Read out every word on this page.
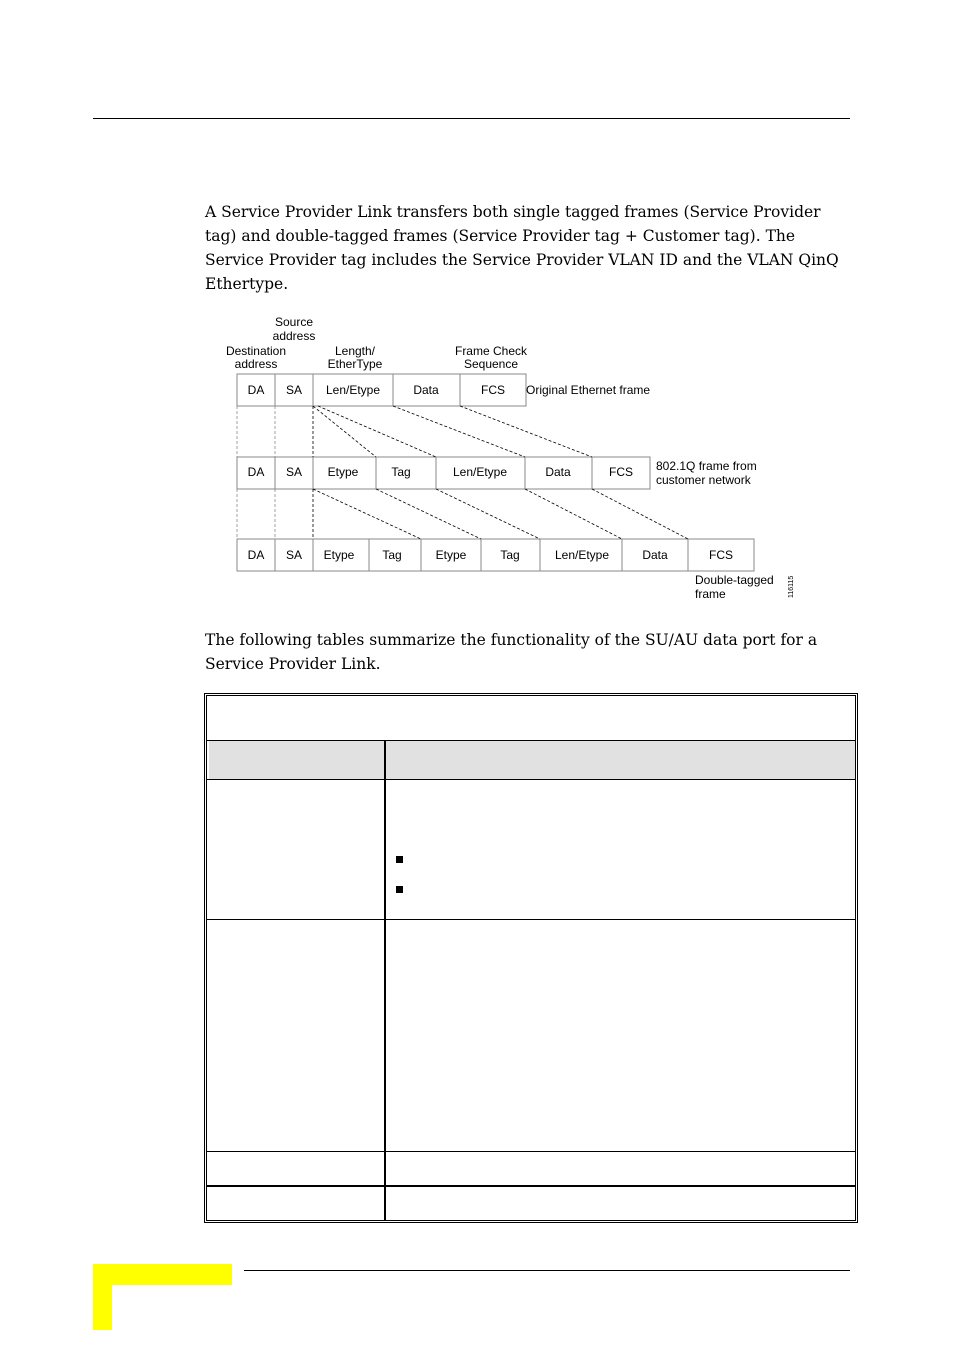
A Service Provider Link transfers both single tagged frames (Service Provider tag) and double-tagged frames (Service Provider tag + Customer tag). The Service Provider tag includes the Service Provider VLAN ID and the VLAN QinQ Ethertype.

Source
address
Destination
address
Length/
EtherType
Frame Check
Sequence
DA SA Len/Etype	Data	FCS Original Ethernet frame
DA SA Etype	Tag	Len/Etype	Data	FCS 802.1Q frame from
customer network
DA SA Etype Tag	Etype	Tag	Len/Etype	Data	FCS
Double-tagged
frame	116115

The following tables summarize the functionality of the SU/AU data port for a Service Provider Link.
